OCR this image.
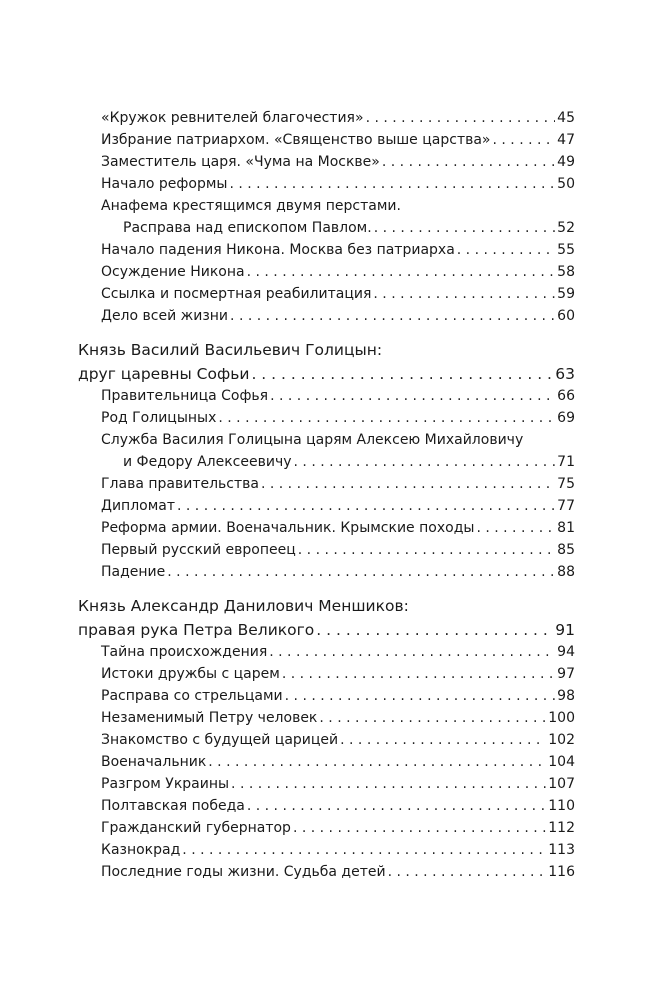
«Кружок ревнителей благочестия» . . .	45
Избрание патриархом. «Священство выше царства» . . .	47
Заместитель царя. «Чума на Москве» . . .	49
Начало реформы . . .	50
Анафема крестящимся двумя перстами.
Расправа над епископом Павлом. . . .	52
Начало падения Никона. Москва без патриарха . . .	55
Осуждение Никона . . .	58
Ссылка и посмертная реабилитация . . .	59
Дело всей жизни . . .	60
Князь Василий Васильевич Голицын:
друг царевны Софьи . . .	63
Правительница Софья . . .	66
Род Голицыных . . .	69
Служба Василия Голицына царям Алексею Михайловичу
и Федору Алексеевичу . . .	71
Глава правительства . . .	75
Дипломат . . .	77
Реформа армии. Военачальник. Крымские походы . . .	81
Первый русский европеец . . .	85
Падение . . .	88
Князь Александр Данилович Меншиков:
правая рука Петра Великого . . .	91
Тайна происхождения . . .	94
Истоки дружбы с царем . . .	97
Расправа со стрельцами . . .	98
Незаменимый Петру человек . . .	100
Знакомство с будущей царицей . . .	102
Военачальник . . .	104
Разгром Украины . . .	107
Полтавская победа . . .	110
Гражданский губернатор . . .	112
Казнокрад . . .	113
Последние годы жизни. Судьба детей . . .	116
